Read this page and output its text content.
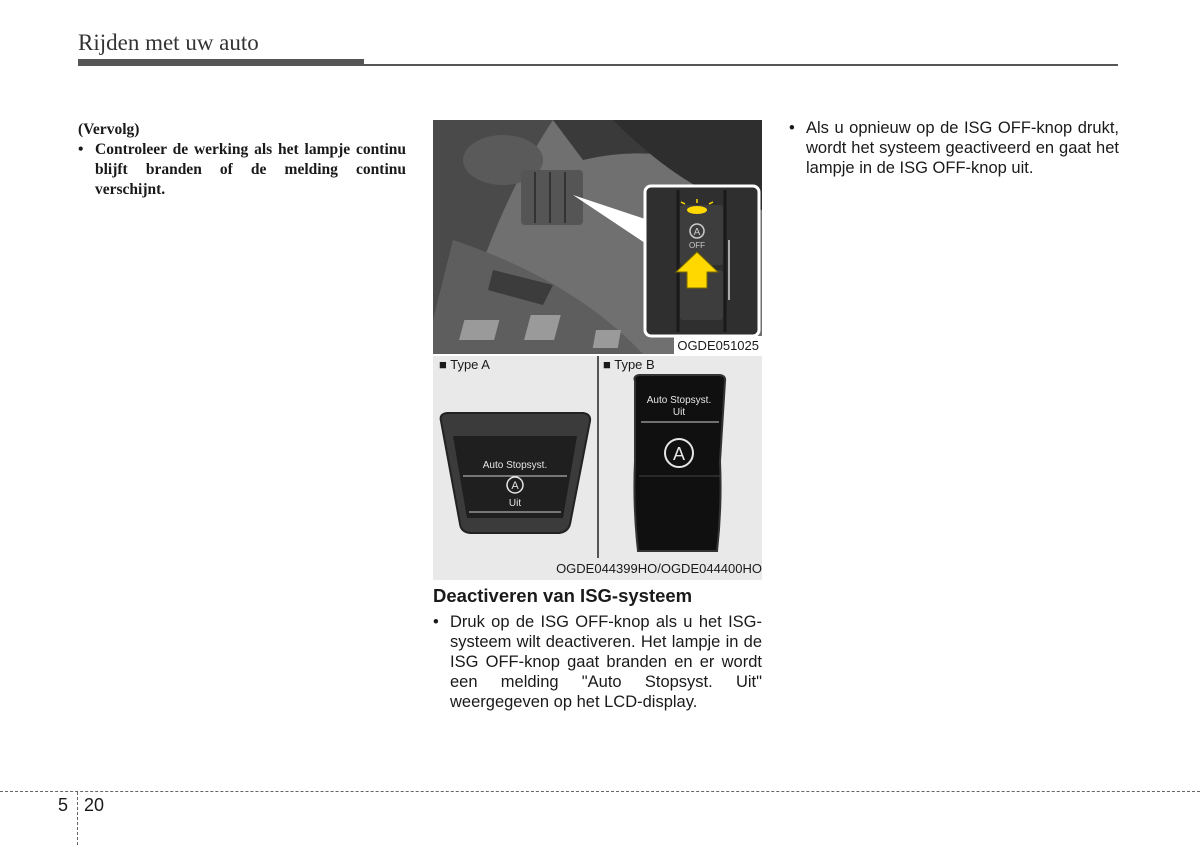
Rijden met uw auto
(Vervolg)
• Controleer de werking als het lampje continu blijft branden of de melding continu verschijnt.
A
OFF
OGDE051025
■ Type A	■ Type B
Auto Stopsyst.
A
Uit
Auto Stopsyst.
Uit
A
OGDE044399HO/OGDE044400HO
Deactiveren van ISG-systeem
• Druk op de ISG OFF-knop als u het ISG-systeem wilt deactiveren. Het lampje in de ISG OFF-knop gaat branden en er wordt een melding "Auto Stopsyst. Uit" weergegeven op het LCD-display.
• Als u opnieuw op de ISG OFF-knop drukt, wordt het systeem geactiveerd en gaat het lampje in de ISG OFF-knop uit.
5 20
